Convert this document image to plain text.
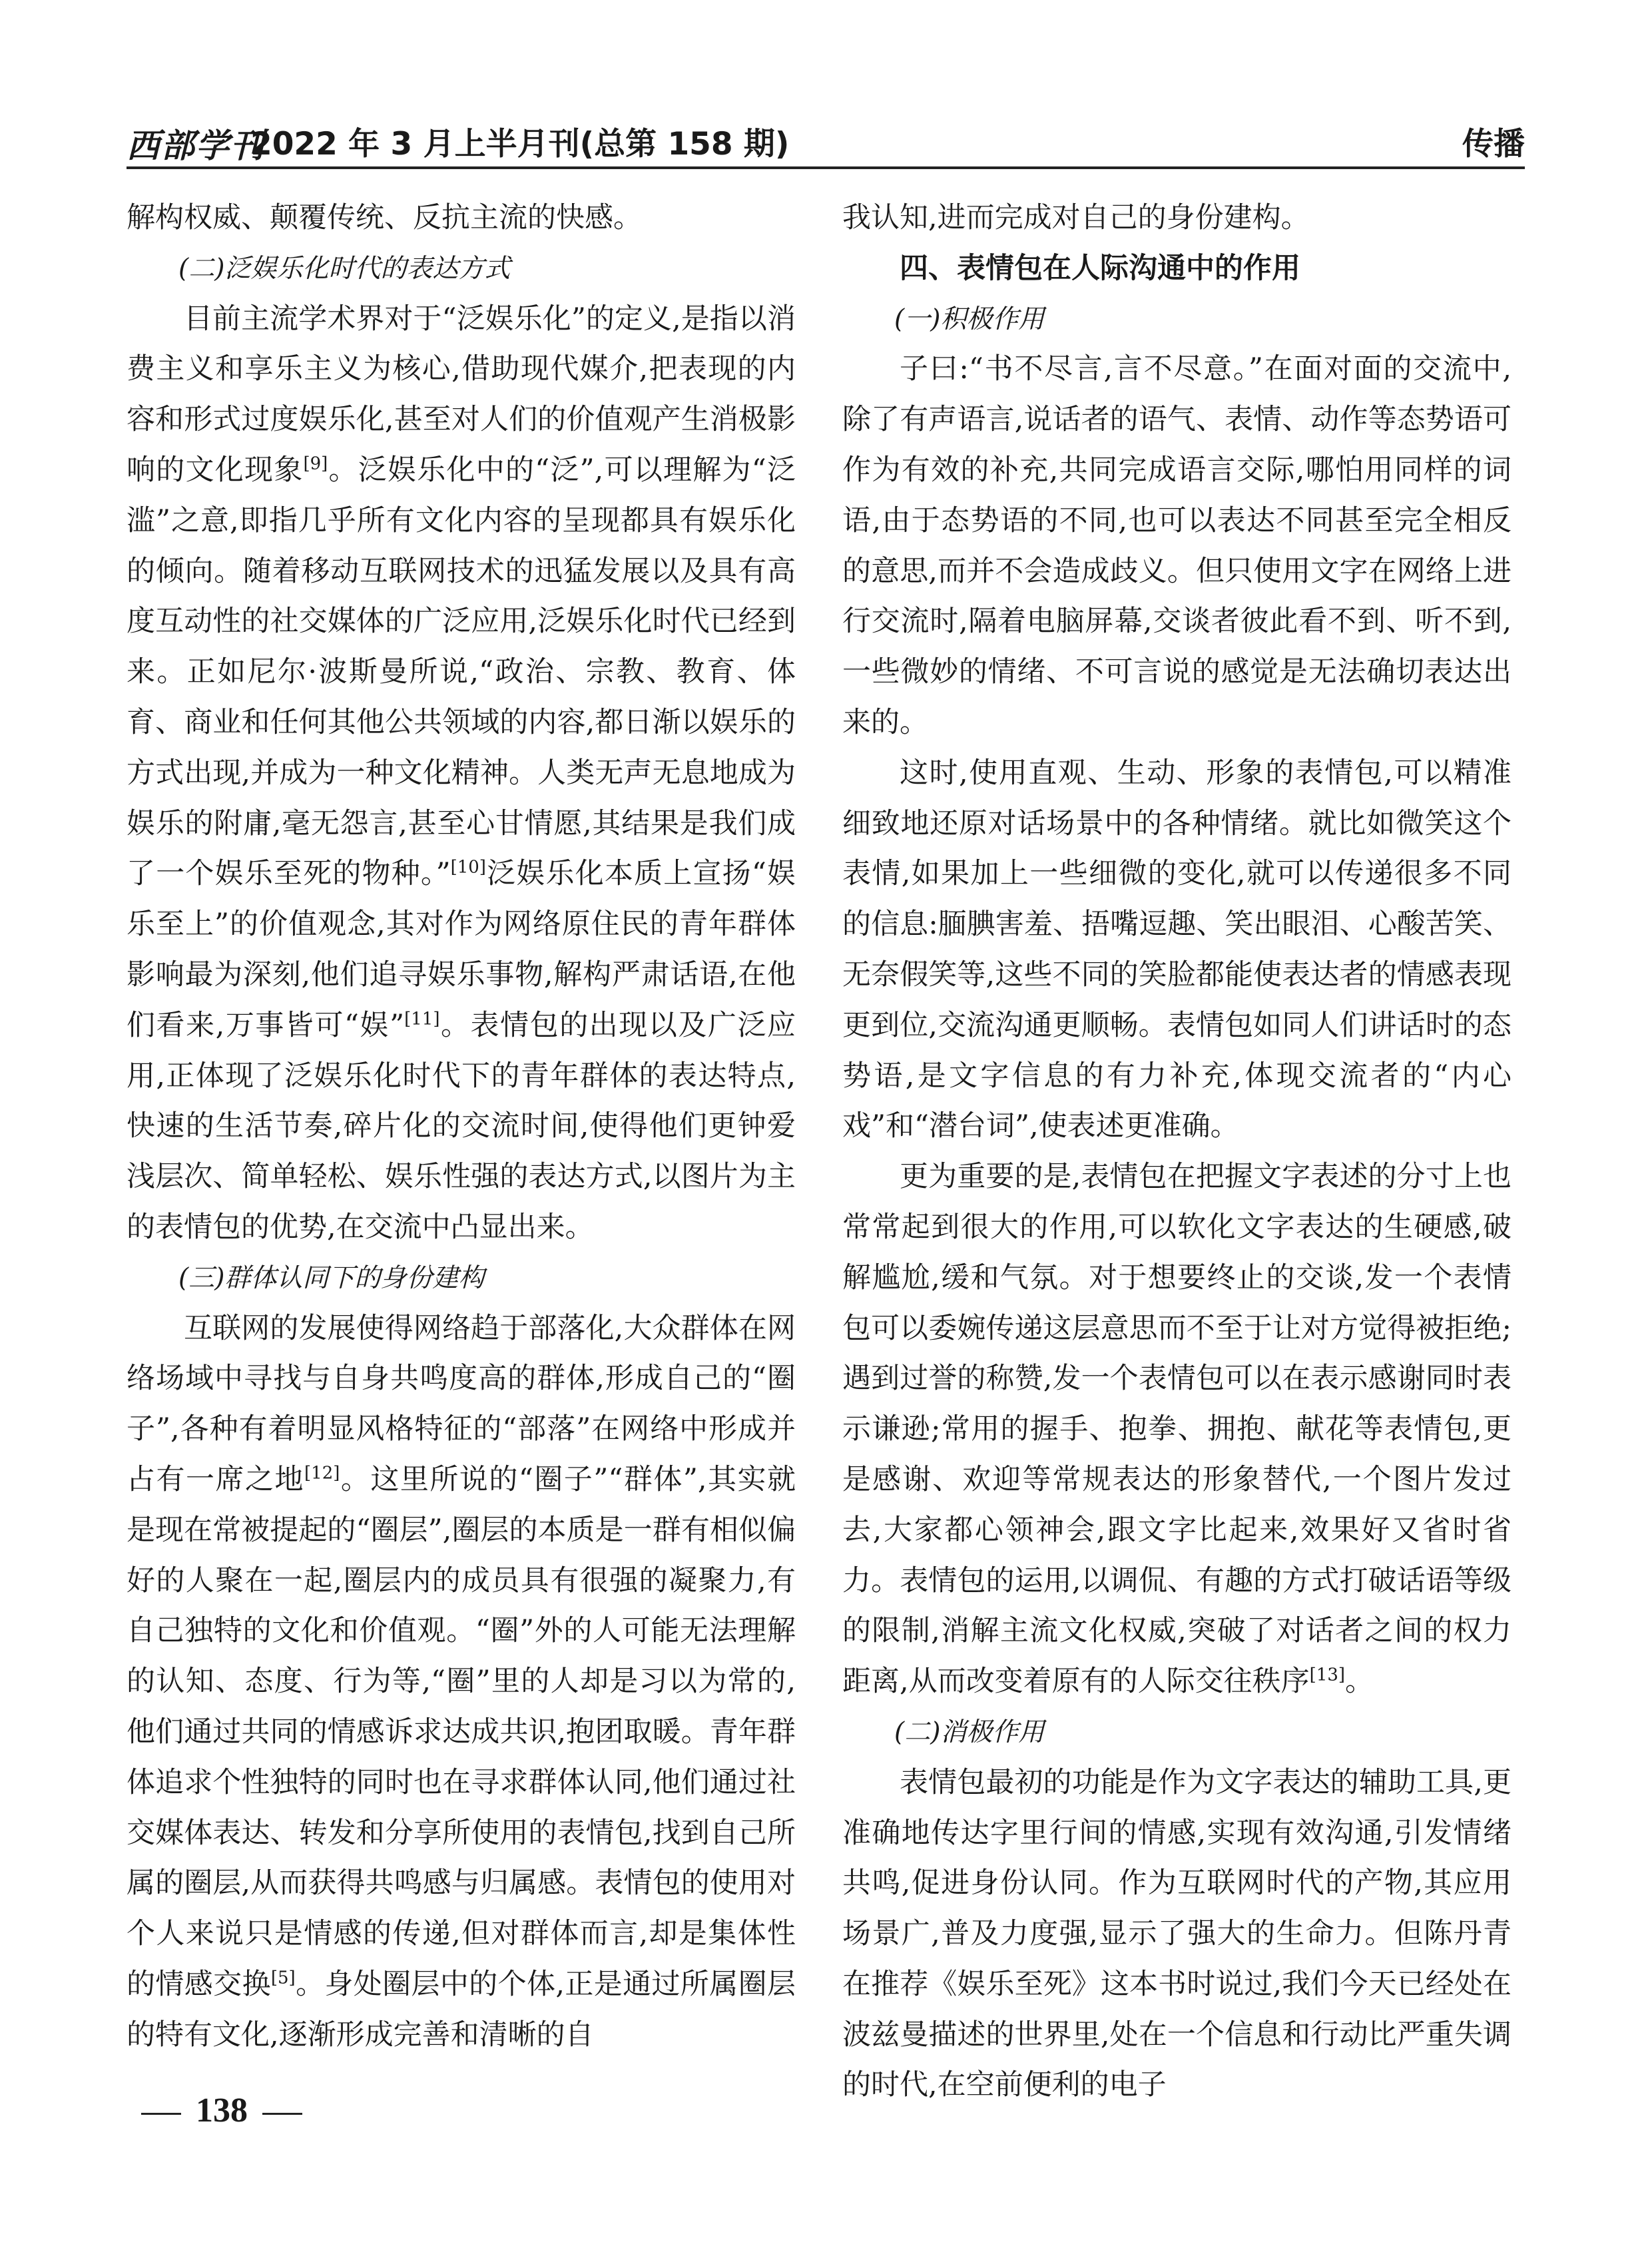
西部学刊
2022 年 3 月上半月刊(总第 158 期)	传播

解构权威、颠覆传统、反抗主流的快感。

(二)泛娱乐化时代的表达方式

目前主流学术界对于“泛娱乐化”的定义,是指以消费主义和享乐主义为核心,借助现代媒介,把表现的内容和形式过度娱乐化,甚至对人们的价值观产生消极影响的文化现象[9]。泛娱乐化中的“泛”,可以理解为“泛滥”之意,即指几乎所有文化内容的呈现都具有娱乐化的倾向。随着移动互联网技术的迅猛发展以及具有高度互动性的社交媒体的广泛应用,泛娱乐化时代已经到来。正如尼尔·波斯曼所说,“政治、宗教、教育、体育、商业和任何其他公共领域的内容,都日渐以娱乐的方式出现,并成为一种文化精神。人类无声无息地成为娱乐的附庸,毫无怨言,甚至心甘情愿,其结果是我们成了一个娱乐至死的物种。”[10]泛娱乐化本质上宣扬“娱乐至上”的价值观念,其对作为网络原住民的青年群体影响最为深刻,他们追寻娱乐事物,解构严肃话语,在他们看来,万事皆可“娱”[11]。表情包的出现以及广泛应用,正体现了泛娱乐化时代下的青年群体的表达特点,快速的生活节奏,碎片化的交流时间,使得他们更钟爱浅层次、简单轻松、娱乐性强的表达方式,以图片为主的表情包的优势,在交流中凸显出来。

(三)群体认同下的身份建构

互联网的发展使得网络趋于部落化,大众群体在网络场域中寻找与自身共鸣度高的群体,形成自己的“圈子”,各种有着明显风格特征的“部落”在网络中形成并占有一席之地[12]。这里所说的“圈子”“群体”,其实就是现在常被提起的“圈层”,圈层的本质是一群有相似偏好的人聚在一起,圈层内的成员具有很强的凝聚力,有自己独特的文化和价值观。“圈”外的人可能无法理解的认知、态度、行为等,“圈”里的人却是习以为常的,他们通过共同的情感诉求达成共识,抱团取暖。青年群体追求个性独特的同时也在寻求群体认同,他们通过社交媒体表达、转发和分享所使用的表情包,找到自己所属的圈层,从而获得共鸣感与归属感。表情包的使用对个人来说只是情感的传递,但对群体而言,却是集体性的情感交换[5]。身处圈层中的个体,正是通过所属圈层的特有文化,逐渐形成完善和清晰的自

我认知,进而完成对自己的身份建构。

四、表情包在人际沟通中的作用
(一)积极作用

子曰:“书不尽言,言不尽意。”在面对面的交流中,除了有声语言,说话者的语气、表情、动作等态势语可作为有效的补充,共同完成语言交际,哪怕用同样的词语,由于态势语的不同,也可以表达不同甚至完全相反的意思,而并不会造成歧义。但只使用文字在网络上进行交流时,隔着电脑屏幕,交谈者彼此看不到、听不到,一些微妙的情绪、不可言说的感觉是无法确切表达出来的。

这时,使用直观、生动、形象的表情包,可以精准细致地还原对话场景中的各种情绪。就比如微笑这个表情,如果加上一些细微的变化,就可以传递很多不同的信息:腼腆害羞、捂嘴逗趣、笑出眼泪、心酸苦笑、无奈假笑等,这些不同的笑脸都能使表达者的情感表现更到位,交流沟通更顺畅。表情包如同人们讲话时的态势语,是文字信息的有力补充,体现交流者的“内心戏”和“潜台词”,使表述更准确。

更为重要的是,表情包在把握文字表述的分寸上也常常起到很大的作用,可以软化文字表达的生硬感,破解尴尬,缓和气氛。对于想要终止的交谈,发一个表情包可以委婉传递这层意思而不至于让对方觉得被拒绝;遇到过誉的称赞,发一个表情包可以在表示感谢同时表示谦逊;常用的握手、抱拳、拥抱、献花等表情包,更是感谢、欢迎等常规表达的形象替代,一个图片发过去,大家都心领神会,跟文字比起来,效果好又省时省力。表情包的运用,以调侃、有趣的方式打破话语等级的限制,消解主流文化权威,突破了对话者之间的权力距离,从而改变着原有的人际交往秩序[13]。

(二)消极作用

表情包最初的功能是作为文字表达的辅助工具,更准确地传达字里行间的情感,实现有效沟通,引发情绪共鸣,促进身份认同。作为互联网时代的产物,其应用场景广,普及力度强,显示了强大的生命力。但陈丹青在推荐《娱乐至死》这本书时说过,我们今天已经处在波兹曼描述的世界里,处在一个信息和行动比严重失调的时代,在空前便利的电子

138
